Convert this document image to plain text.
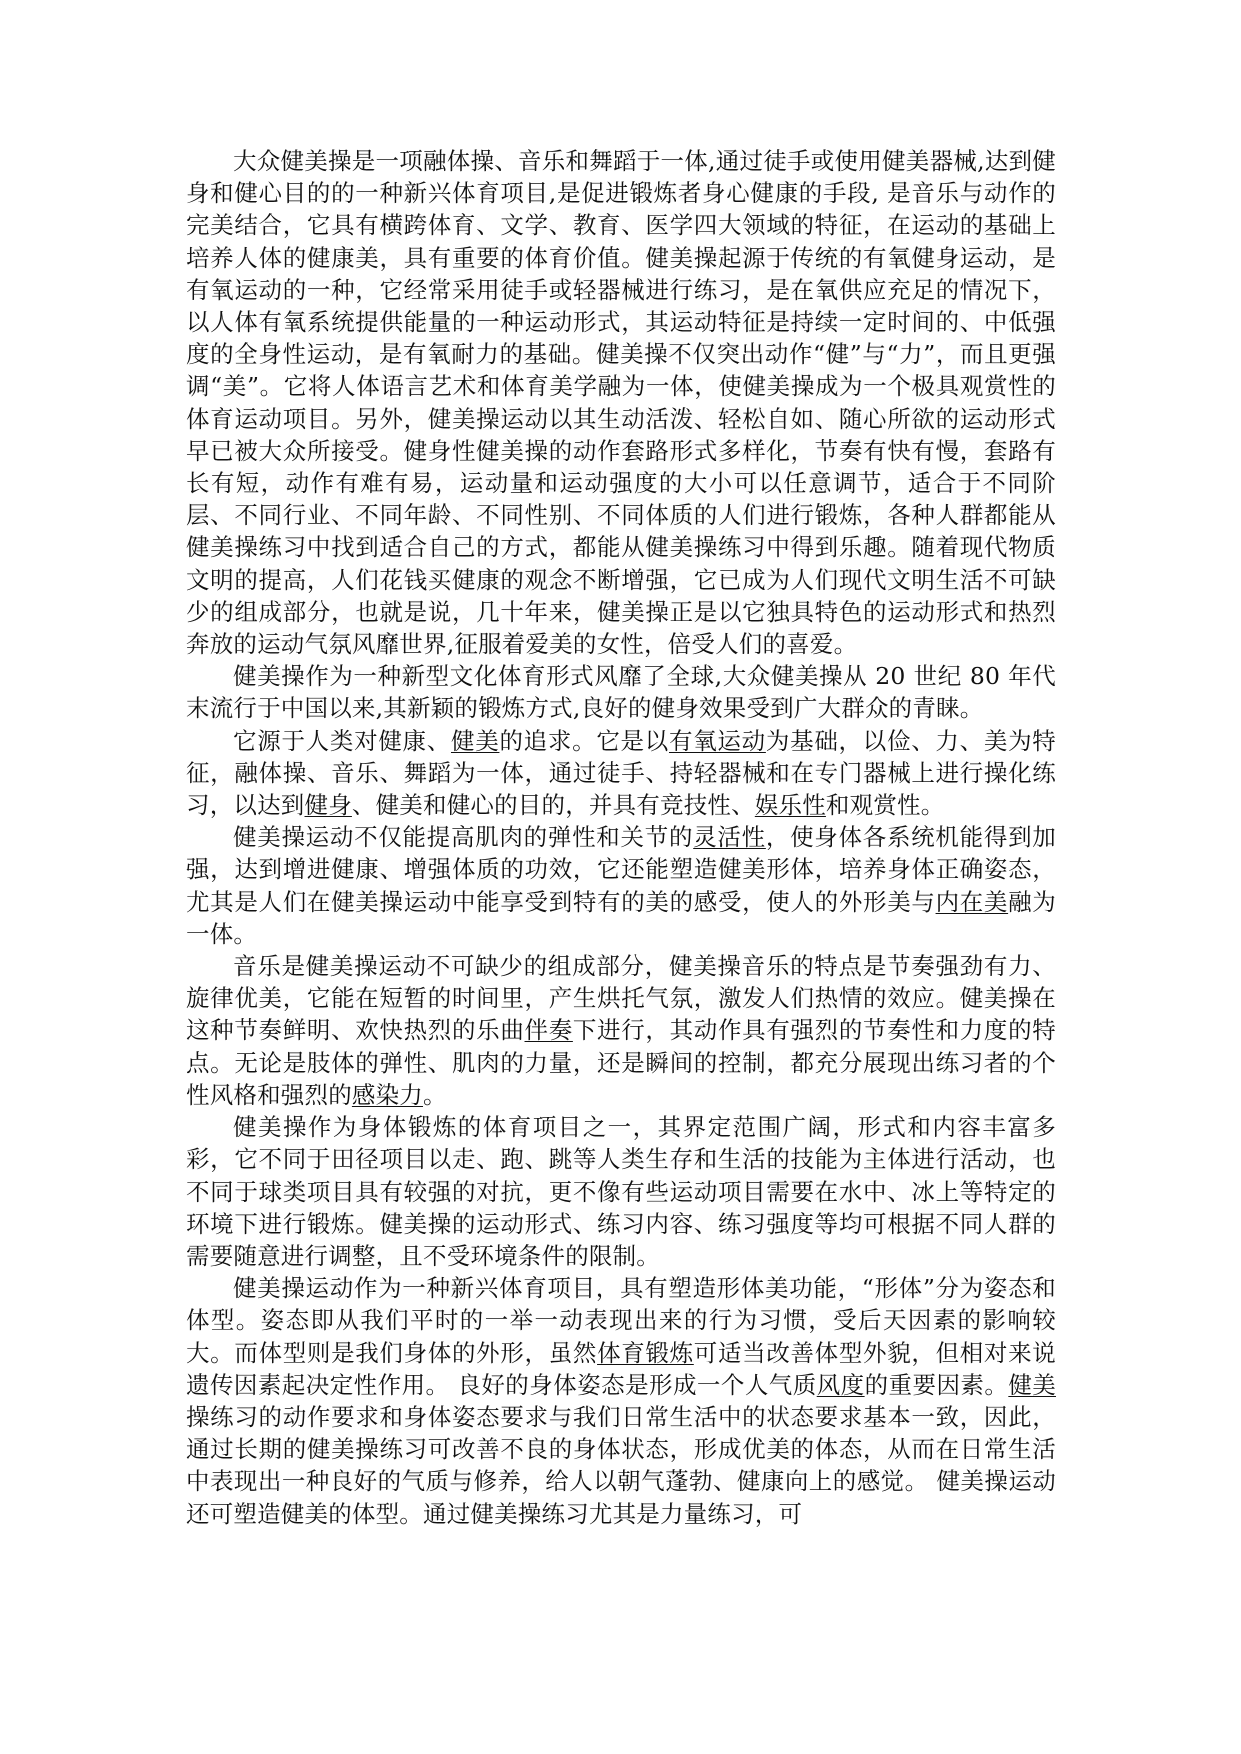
大众健美操是一项融体操、音乐和舞蹈于一体,通过徒手或使用健美器械,达到健身和健心目的的一种新兴体育项目,是促进锻炼者身心健康的手段, 是音乐与动作的完美结合，它具有横跨体育、文学、教育、医学四大领域的特征，在运动的基础上培养人体的健康美，具有重要的体育价值。健美操起源于传统的有氧健身运动，是有氧运动的一种，它经常采用徒手或轻器械进行练习，是在氧供应充足的情况下，以人体有氧系统提供能量的一种运动形式，其运动特征是持续一定时间的、中低强度的全身性运动，是有氧耐力的基础。健美操不仅突出动作“健”与“力”，而且更强调“美”。它将人体语言艺术和体育美学融为一体，使健美操成为一个极具观赏性的体育运动项目。另外，健美操运动以其生动活泼、轻松自如、随心所欲的运动形式早已被大众所接受。健身性健美操的动作套路形式多样化，节奏有快有慢，套路有长有短，动作有难有易，运动量和运动强度的大小可以任意调节，适合于不同阶层、不同行业、不同年龄、不同性别、不同体质的人们进行锻炼，各种人群都能从健美操练习中找到适合自己的方式，都能从健美操练习中得到乐趣。随着现代物质文明的提高，人们花钱买健康的观念不断增强，它已成为人们现代文明生活不可缺少的组成部分，也就是说，几十年来，健美操正是以它独具特色的运动形式和热烈奔放的运动气氛风靡世界,征服着爱美的女性，倍受人们的喜爱。

健美操作为一种新型文化体育形式风靡了全球,大众健美操从 20 世纪 80 年代末流行于中国以来,其新颖的锻炼方式,良好的健身效果受到广大群众的青睐。

它源于人类对健康、健美的追求。它是以有氧运动为基础，以俭、力、美为特征，融体操、音乐、舞蹈为一体，通过徒手、持轻器械和在专门器械上进行操化练习，以达到健身、健美和健心的目的，并具有竞技性、娱乐性和观赏性。

健美操运动不仅能提高肌肉的弹性和关节的灵活性，使身体各系统机能得到加强，达到增进健康、增强体质的功效，它还能塑造健美形体，培养身体正确姿态，尤其是人们在健美操运动中能享受到特有的美的感受，使人的外形美与内在美融为一体。

音乐是健美操运动不可缺少的组成部分，健美操音乐的特点是节奏强劲有力、旋律优美，它能在短暂的时间里，产生烘托气氛，激发人们热情的效应。健美操在这种节奏鲜明、欢快热烈的乐曲伴奏下进行，其动作具有强烈的节奏性和力度的特点。无论是肢体的弹性、肌肉的力量，还是瞬间的控制，都充分展现出练习者的个性风格和强烈的感染力。

健美操作为身体锻炼的体育项目之一，其界定范围广阔，形式和内容丰富多彩，它不同于田径项目以走、跑、跳等人类生存和生活的技能为主体进行活动，也不同于球类项目具有较强的对抗，更不像有些运动项目需要在水中、冰上等特定的环境下进行锻炼。健美操的运动形式、练习内容、练习强度等均可根据不同人群的需要随意进行调整，且不受环境条件的限制。

健美操运动作为一种新兴体育项目，具有塑造形体美功能，“形体”分为姿态和体型。姿态即从我们平时的一举一动表现出来的行为习惯，受后天因素的影响较大。而体型则是我们身体的外形，虽然体育锻炼可适当改善体型外貌，但相对来说遗传因素起决定性作用。 良好的身体姿态是形成一个人气质风度的重要因素。健美操练习的动作要求和身体姿态要求与我们日常生活中的状态要求基本一致，因此，通过长期的健美操练习可改善不良的身体状态，形成优美的体态，从而在日常生活中表现出一种良好的气质与修养，给人以朝气蓬勃、健康向上的感觉。 健美操运动还可塑造健美的体型。通过健美操练习尤其是力量练习，可
